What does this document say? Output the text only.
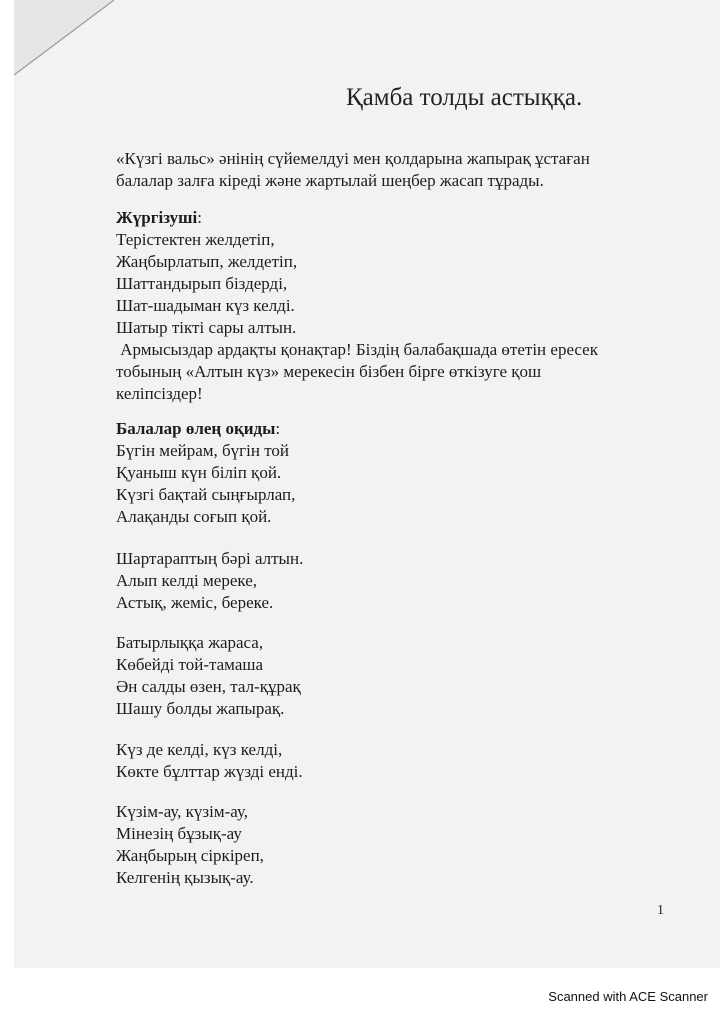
Қамба толды астыққа.
«Күзгі вальс» әнінің сүйемелдуі мен қолдарына жапырақ ұстаған
балалар залға кіреді және жартылай шеңбер жасап тұрады.
Жүргізуші:
Терістектен желдетіп,
Жаңбырлатып, желдетіп,
Шаттандырып біздерді,
Шат-шадыман күз келді.
Шатыр тікті сары алтын.
Армысыздар ардақты қонақтар! Біздің балабақшада өтетін ересек
тобының «Алтын күз» мерекесін бізбен бірге өткізуге қош
келіпсіздер!
Балалар өлең оқиды:
Бүгін мейрам, бүгін той
Қуаныш күн біліп қой.
Күзгі бақтай сыңғырлап,
Алақанды соғып қой.
Шартараптың бәрі алтын.
Алып келді мереке,
Астық, жеміс, береке.
Батырлыққа жараса,
Көбейді той-тамаша
Ән салды өзен, тал-құрақ
Шашу болды жапырақ.
Күз де келді, күз келді,
Көкте бұлттар жүзді енді.
Күзім-ау, күзім-ау,
Мінезің бұзық-ау
Жаңбырың сіркіреп,
Келгенің қызық-ау.
1
Scanned with ACE Scanner
